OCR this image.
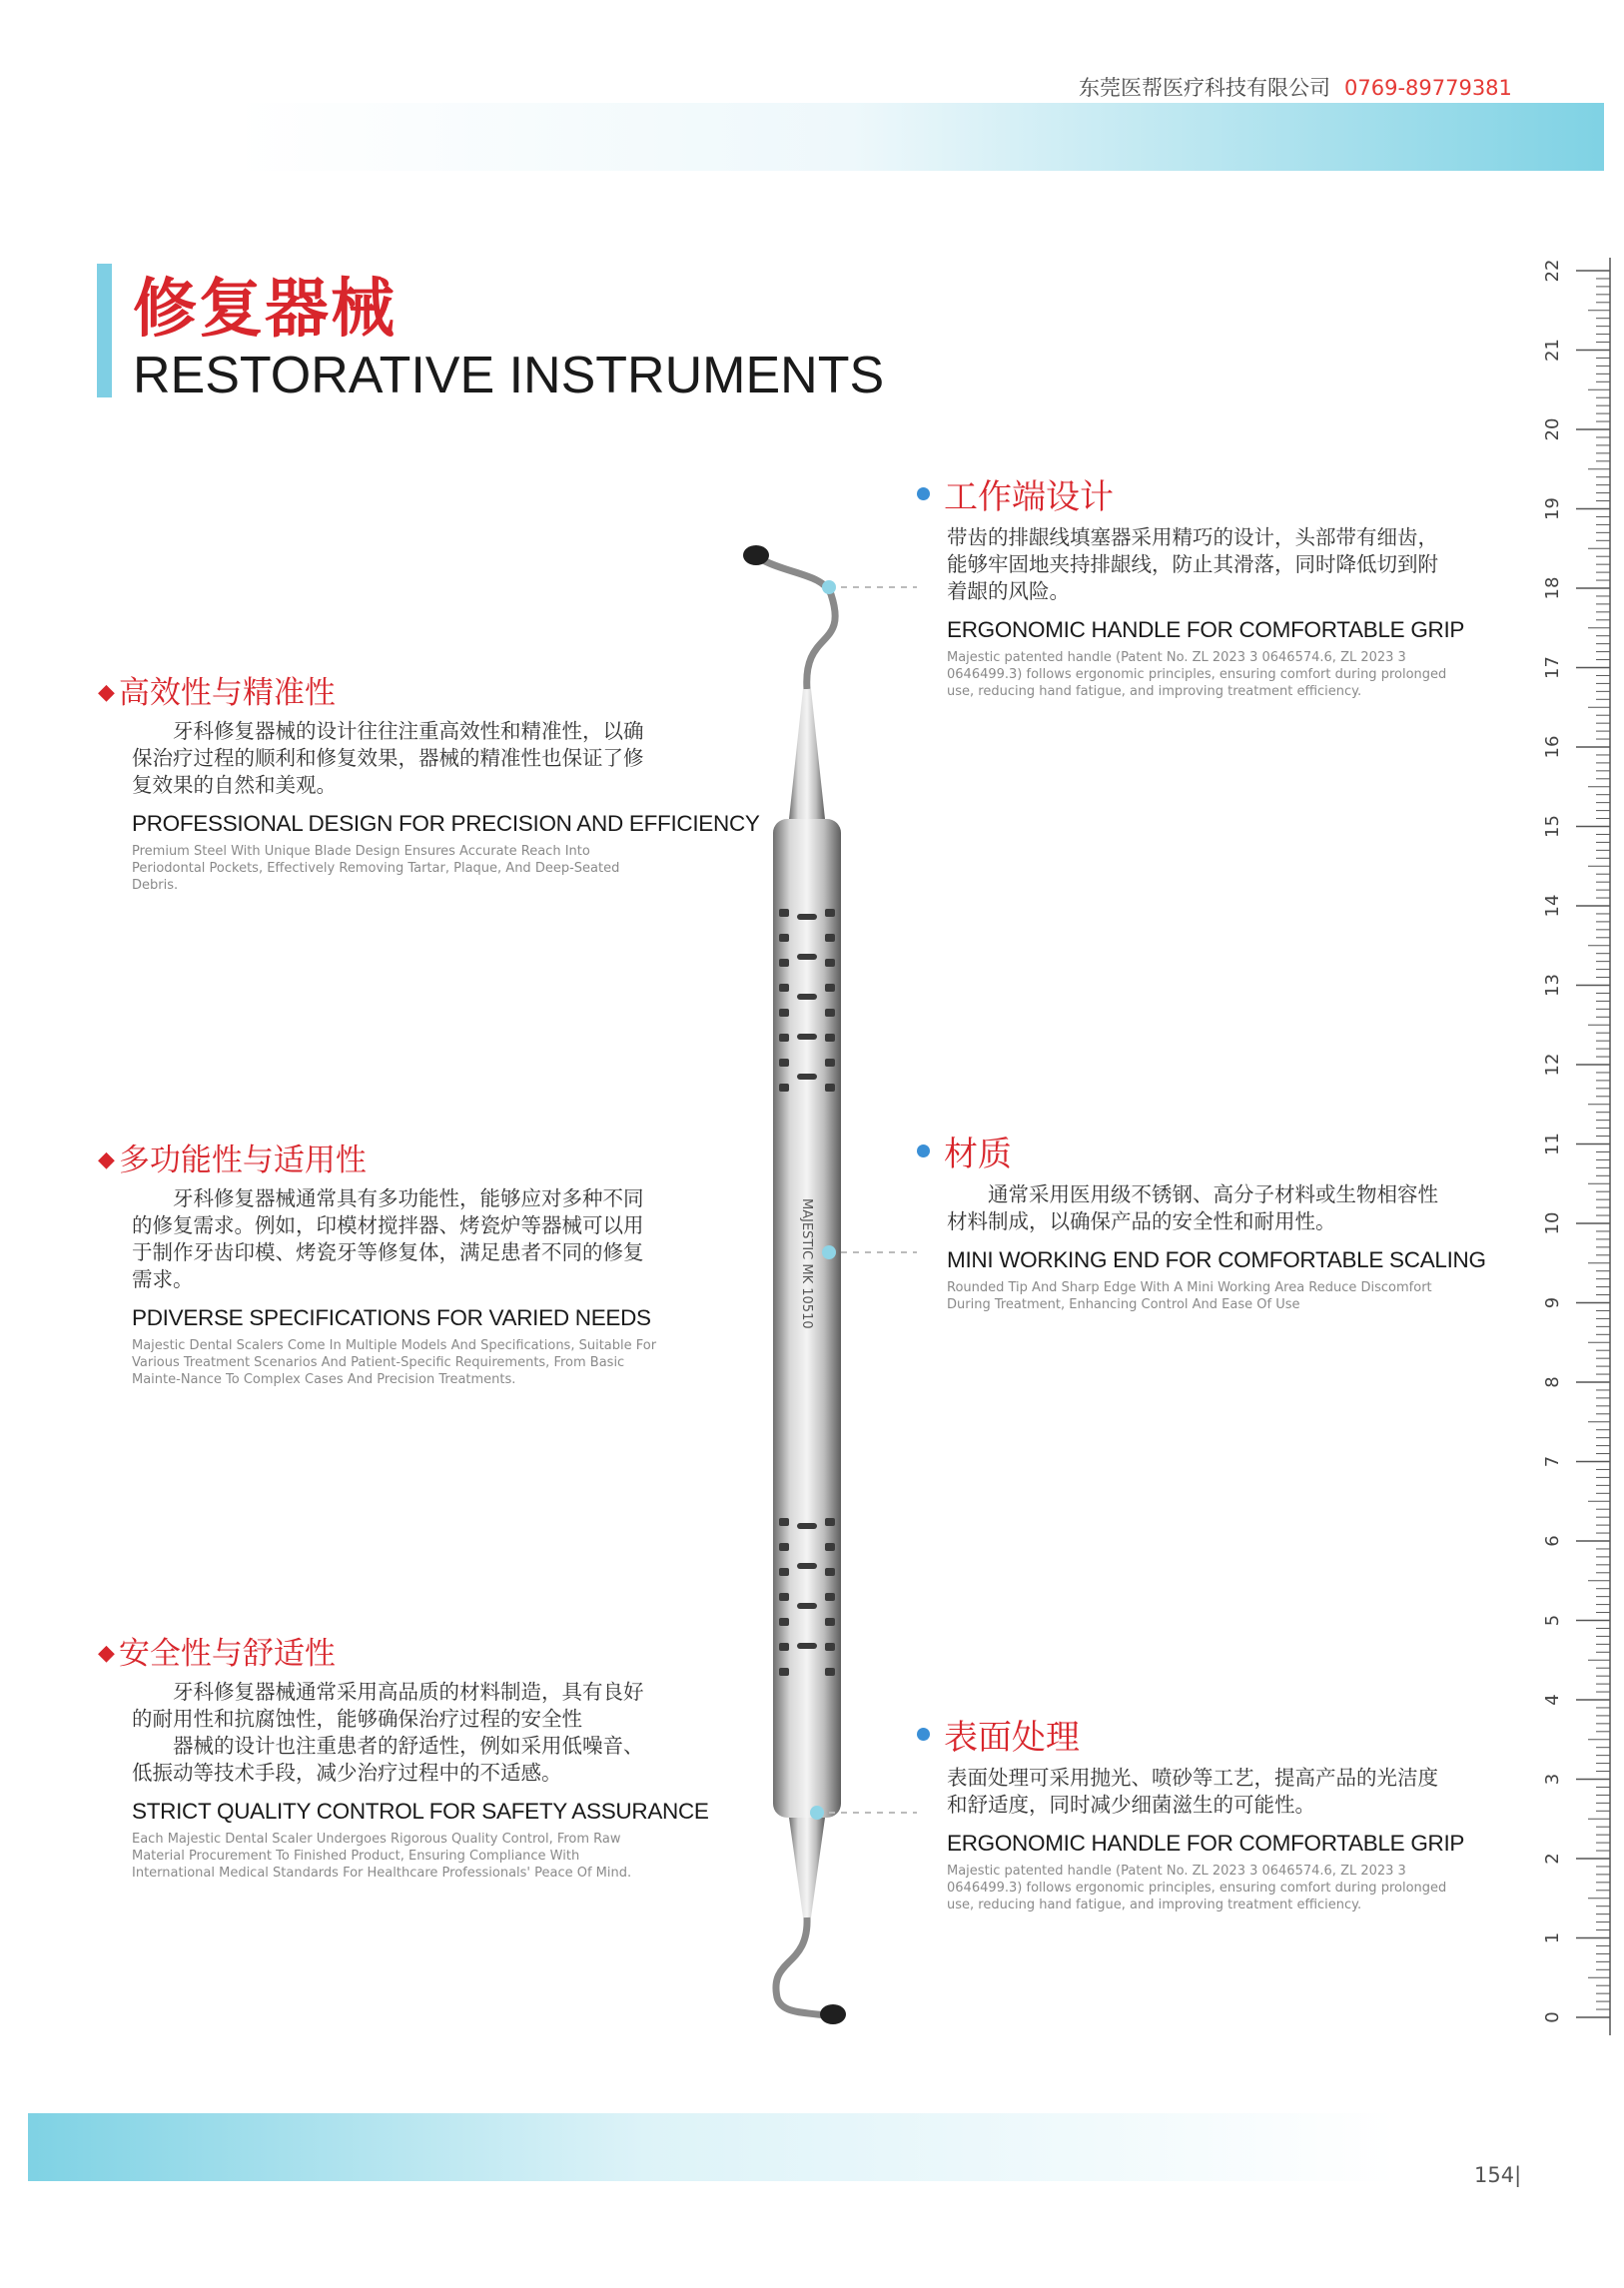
东莞医帮医疗科技有限公司 0769-89779381
修复器械
RESTORATIVE INSTRUMENTS
◆ 高效性与精准性
牙科修复器械的设计往往注重高效性和精准性，以确保治疗过程的顺利和修复效果，器械的精准性也保证了修复效果的自然和美观。
PROFESSIONAL DESIGN FOR PRECISION AND EFFICIENCY
Premium Steel With Unique Blade Design Ensures Accurate Reach Into Periodontal Pockets, Effectively Removing Tartar, Plaque, And Deep-Seated Debris.
◆ 多功能性与适用性
牙科修复器械通常具有多功能性，能够应对多种不同的修复需求。例如，印模材搅拌器、烤瓷炉等器械可以用于制作牙齿印模、烤瓷牙等修复体，满足患者不同的修复需求。
PDIVERSE SPECIFICATIONS FOR VARIED NEEDS
Majestic Dental Scalers Come In Multiple Models And Specifications, Suitable For Various Treatment Scenarios And Patient-Specific Requirements, From Basic Mainte-Nance To Complex Cases And Precision Treatments.
◆ 安全性与舒适性
牙科修复器械通常采用高品质的材料制造，具有良好的耐用性和抗腐蚀性，能够确保治疗过程的安全性
器械的设计也注重患者的舒适性，例如采用低噪音、低振动等技术手段，减少治疗过程中的不适感。
STRICT QUALITY CONTROL FOR SAFETY ASSURANCE
Each Majestic Dental Scaler Undergoes Rigorous Quality Control, From Raw Material Procurement To Finished Product, Ensuring Compliance With International Medical Standards For Healthcare Professionals' Peace Of Mind.
工作端设计
带齿的排龈线填塞器采用精巧的设计，头部带有细齿，能够牢固地夹持排龈线，防止其滑落，同时降低切到附着龈的风险。
ERGONOMIC HANDLE FOR COMFORTABLE GRIP
Majestic patented handle (Patent No. ZL 2023 3 0646574.6, ZL 2023 3 0646499.3) follows ergonomic principles, ensuring comfort during prolonged use, reducing hand fatigue, and improving treatment efficiency.
材质
通常采用医用级不锈钢、高分子材料或生物相容性材料制成，以确保产品的安全性和耐用性。
MINI WORKING END FOR COMFORTABLE SCALING
Rounded Tip And Sharp Edge With A Mini Working Area Reduce Discomfort During Treatment, Enhancing Control And Ease Of Use
表面处理
表面处理可采用抛光、喷砂等工艺，提高产品的光洁度和舒适度，同时减少细菌滋生的可能性。
ERGONOMIC HANDLE FOR COMFORTABLE GRIP
Majestic patented handle (Patent No. ZL 2023 3 0646574.6, ZL 2023 3 0646499.3) follows ergonomic principles, ensuring comfort during prolonged use, reducing hand fatigue, and improving treatment efficiency.
MAJESTIC MK 10510
0
1
2
3
4
5
6
7
8
9
10
11
12
13
14
15
16
17
18
19
20
21
22
154|
